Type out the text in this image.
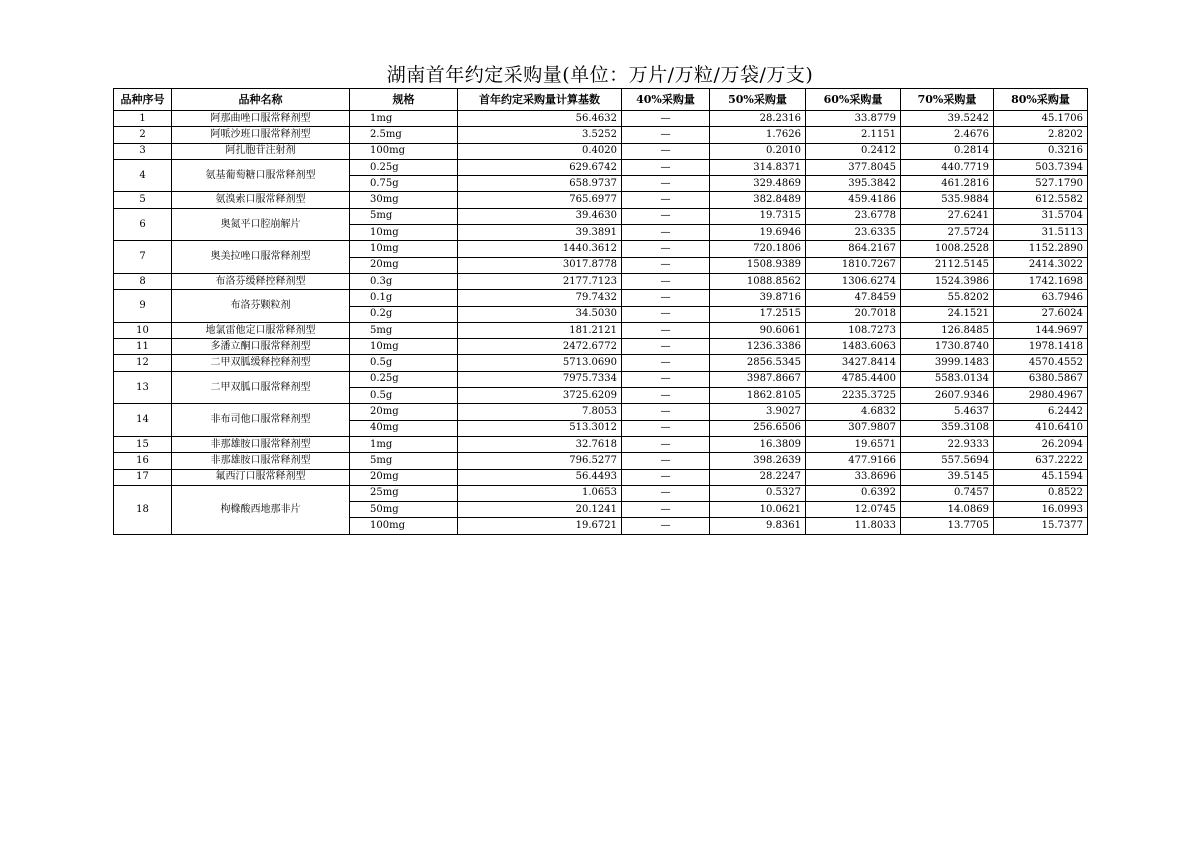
湖南首年约定采购量(单位：万片/万粒/万袋/万支)
品种序号	品种名称	规格	首年约定采购量计算基数	40%采购量	50%采购量	60%采购量	70%采购量	80%采购量
1	阿那曲唑口服常释剂型	1mg	56.4632	—	28.2316	33.8779	39.5242	45.1706
2	阿哌沙班口服常释剂型	2.5mg	3.5252	—	1.7626	2.1151	2.4676	2.8202
3	阿扎胞苷注射剂	100mg	0.4020	—	0.2010	0.2412	0.2814	0.3216
4	氨基葡萄糖口服常释剂型	0.25g	629.6742	—	314.8371	377.8045	440.7719	503.7394
		0.75g	658.9737	—	329.4869	395.3842	461.2816	527.1790
5	氨溴索口服常释剂型	30mg	765.6977	—	382.8489	459.4186	535.9884	612.5582
6	奥氮平口腔崩解片	5mg	39.4630	—	19.7315	23.6778	27.6241	31.5704
		10mg	39.3891	—	19.6946	23.6335	27.5724	31.5113
7	奥美拉唑口服常释剂型	10mg	1440.3612	—	720.1806	864.2167	1008.2528	1152.2890
		20mg	3017.8778	—	1508.9389	1810.7267	2112.5145	2414.3022
8	布洛芬缓释控释剂型	0.3g	2177.7123	—	1088.8562	1306.6274	1524.3986	1742.1698
9	布洛芬颗粒剂	0.1g	79.7432	—	39.8716	47.8459	55.8202	63.7946
		0.2g	34.5030	—	17.2515	20.7018	24.1521	27.6024
10	地氯雷他定口服常释剂型	5mg	181.2121	—	90.6061	108.7273	126.8485	144.9697
11	多潘立酮口服常释剂型	10mg	2472.6772	—	1236.3386	1483.6063	1730.8740	1978.1418
12	二甲双胍缓释控释剂型	0.5g	5713.0690	—	2856.5345	3427.8414	3999.1483	4570.4552
13	二甲双胍口服常释剂型	0.25g	7975.7334	—	3987.8667	4785.4400	5583.0134	6380.5867
		0.5g	3725.6209	—	1862.8105	2235.3725	2607.9346	2980.4967
14	非布司他口服常释剂型	20mg	7.8053	—	3.9027	4.6832	5.4637	6.2442
		40mg	513.3012	—	256.6506	307.9807	359.3108	410.6410
15	非那雄胺口服常释剂型	1mg	32.7618	—	16.3809	19.6571	22.9333	26.2094
16	非那雄胺口服常释剂型	5mg	796.5277	—	398.2639	477.9166	557.5694	637.2222
17	氟西汀口服常释剂型	20mg	56.4493	—	28.2247	33.8696	39.5145	45.1594
18	枸橼酸西地那非片	25mg	1.0653	—	0.5327	0.6392	0.7457	0.8522
		50mg	20.1241	—	10.0621	12.0745	14.0869	16.0993
		100mg	19.6721	—	9.8361	11.8033	13.7705	15.7377
